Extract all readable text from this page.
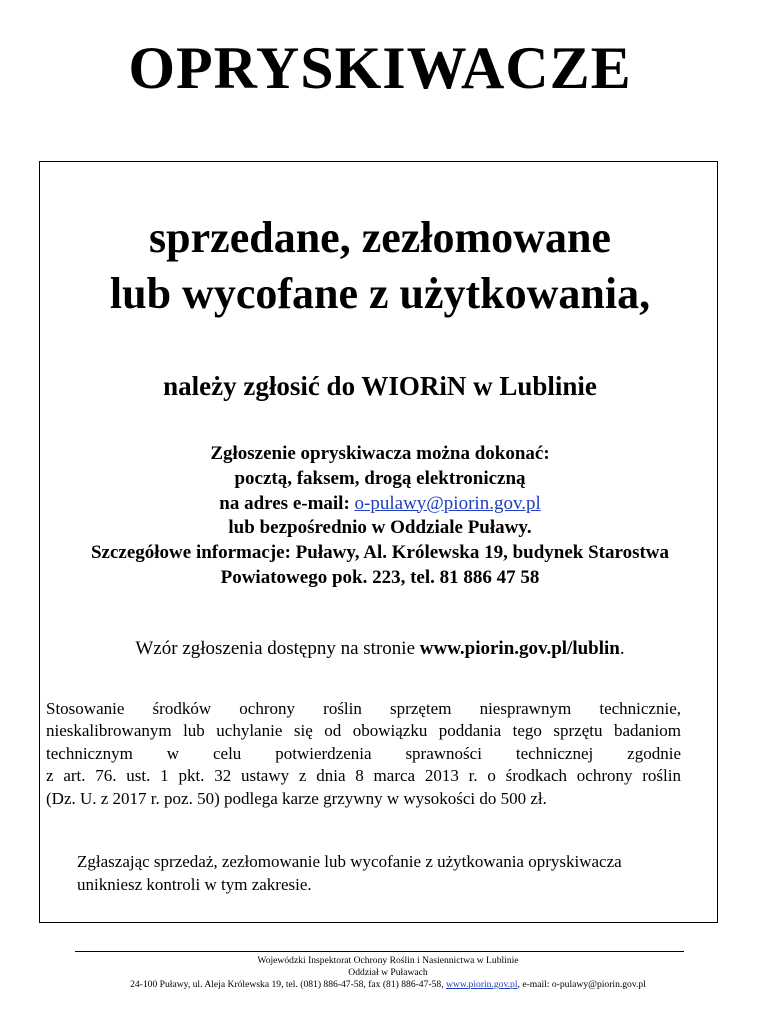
OPRYSKIWACZE
sprzedane, zezłomowane
lub wycofane z użytkowania,
należy zgłosić do WIORiN w Lublinie
Zgłoszenie opryskiwacza można dokonać:
pocztą, faksem, drogą elektroniczną
na adres e-mail: o-pulawy@piorin.gov.pl
lub bezpośrednio w Oddziale Puławy.
Szczegółowe informacje: Puławy, Al. Królewska 19, budynek Starostwa
Powiatowego pok. 223, tel. 81 886 47 58
Wzór zgłoszenia dostępny na stronie www.piorin.gov.pl/lublin.
Stosowanie środków ochrony roślin sprzętem niesprawnym technicznie,
nieskalibrowanym lub uchylanie się od obowiązku poddania tego sprzętu badaniom
technicznym w celu potwierdzenia sprawności technicznej zgodnie
z art. 76. ust. 1 pkt. 32 ustawy z dnia 8 marca 2013 r. o środkach ochrony roślin
(Dz. U. z 2017 r. poz. 50) podlega karze grzywny w wysokości do 500 zł.
Zgłaszając sprzedaż, zezłomowanie lub wycofanie z użytkowania opryskiwacza
unikniesz kontroli w tym zakresie.
Wojewódzki Inspektorat Ochrony Roślin i Nasiennictwa w Lublinie
Oddział w Puławach
24-100 Puławy, ul. Aleja Królewska 19, tel. (081) 886-47-58, fax (81) 886-47-58, www.piorin.gov.pl, e-mail: o-pulawy@piorin.gov.pl
